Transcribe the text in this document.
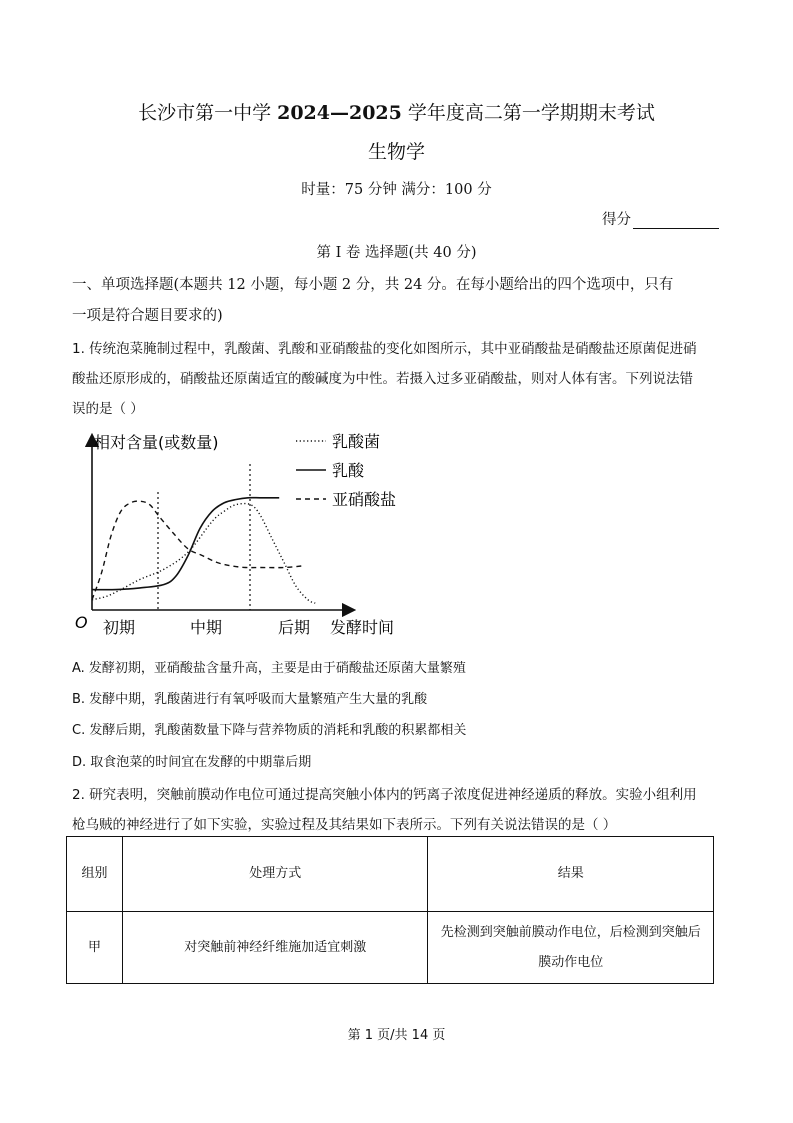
长沙市第一中学 2024—2025 学年度高二第一学期期末考试
生物学
时量：75 分钟 满分：100 分
得分
第 I 卷 选择题(共 40 分)
一、单项选择题(本题共 12 小题，每小题 2 分，共 24 分。在每小题给出的四个选项中，只有
一项是符合题目要求的)
1. 传统泡菜腌制过程中，乳酸菌、乳酸和亚硝酸盐的变化如图所示，其中亚硝酸盐是硝酸盐还原菌促进硝
酸盐还原形成的，硝酸盐还原菌适宜的酸碱度为中性。若摄入过多亚硝酸盐，则对人体有害。下列说法错
误的是（ ）
相对含量(或数量)
O 初期	中期	后期 发酵时间
乳酸菌
乳酸
亚硝酸盐
A. 发酵初期，亚硝酸盐含量升高，主要是由于硝酸盐还原菌大量繁殖
B. 发酵中期，乳酸菌进行有氧呼吸而大量繁殖产生大量的乳酸
C. 发酵后期，乳酸菌数量下降与营养物质的消耗和乳酸的积累都相关
D. 取食泡菜的时间宜在发酵的中期靠后期
2. 研究表明，突触前膜动作电位可通过提高突触小体内的钙离子浓度促进神经递质的释放。实验小组利用
枪乌贼的神经进行了如下实验，实验过程及其结果如下表所示。下列有关说法错误的是（ ）
组别	处理方式	结果
甲	对突触前神经纤维施加适宜刺激	先检测到突触前膜动作电位，后检测到突触后膜动作电位
第 1 页/共 14 页
